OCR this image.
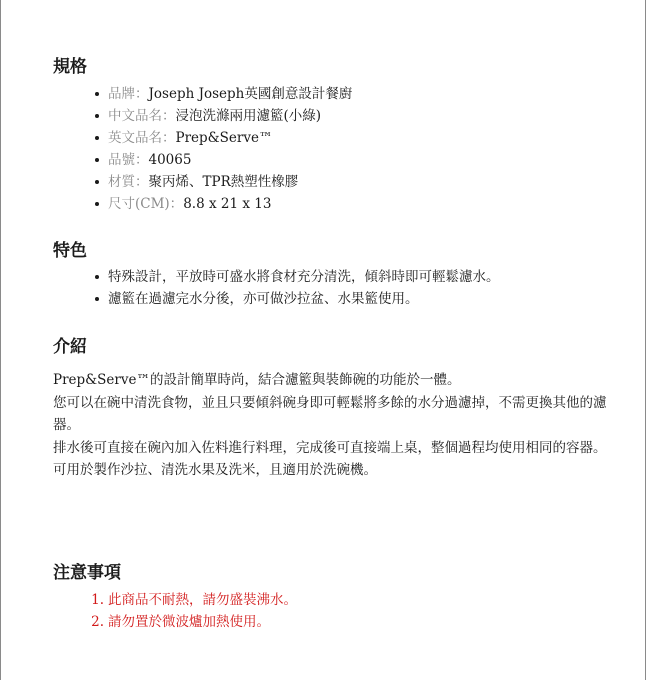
規格
品牌：Joseph Joseph英國創意設計餐廚
中文品名：浸泡洗滌兩用濾籃(小綠)
英文品名：Prep&Serve™
品號：40065
材質：聚丙烯、TPR熱塑性橡膠
尺寸(CM)：8.8 x 21 x 13
特色
特殊設計，平放時可盛水將食材充分清洗，傾斜時即可輕鬆濾水。
濾籃在過濾完水分後，亦可做沙拉盆、水果籃使用。
介紹

Prep&Serve™的設計簡單時尚，結合濾籃與裝飾碗的功能於一體。

您可以在碗中清洗食物，並且只要傾斜碗身即可輕鬆將多餘的水分過濾掉，不需更換其他的濾器。

排水後可直接在碗內加入佐料進行料理，完成後可直接端上桌，整個過程均使用相同的容器。

可用於製作沙拉、清洗水果及洗米，且適用於洗碗機。

注意事項
1. 此商品不耐熱，請勿盛裝沸水。
2. 請勿置於微波爐加熱使用。
